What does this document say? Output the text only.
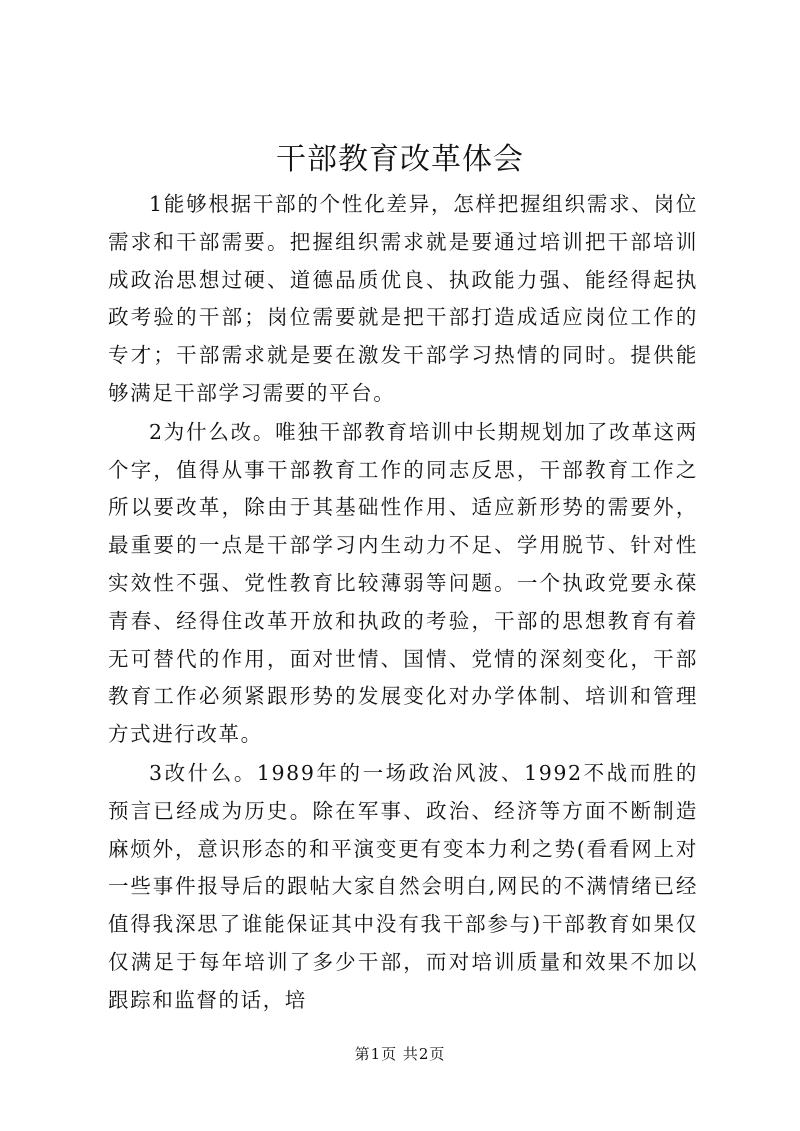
干部教育改革体会

1能够根据干部的个性化差异，怎样把握组织需求、岗位需求和干部需要。把握组织需求就是要通过培训把干部培训成政治思想过硬、道德品质优良、执政能力强、能经得起执政考验的干部；岗位需要就是把干部打造成适应岗位工作的专才；干部需求就是要在激发干部学习热情的同时。提供能够满足干部学习需要的平台。

2为什么改。唯独干部教育培训中长期规划加了改革这两个字，值得从事干部教育工作的同志反思，干部教育工作之所以要改革，除由于其基础性作用、适应新形势的需要外，最重要的一点是干部学习内生动力不足、学用脱节、针对性实效性不强、党性教育比较薄弱等问题。一个执政党要永葆青春、经得住改革开放和执政的考验，干部的思想教育有着无可替代的作用，面对世情、国情、党情的深刻变化，干部教育工作必须紧跟形势的发展变化对办学体制、培训和管理方式进行改革。

3改什么。1989年的一场政治风波、1992不战而胜的预言已经成为历史。除在军事、政治、经济等方面不断制造麻烦外，意识形态的和平演变更有变本力利之势(看看网上对一些事件报导后的跟帖大家自然会明白,网民的不满情绪已经值得我深思了谁能保证其中没有我干部参与)干部教育如果仅仅满足于每年培训了多少干部，而对培训质量和效果不加以跟踪和监督的话，培

第1页 共2页
